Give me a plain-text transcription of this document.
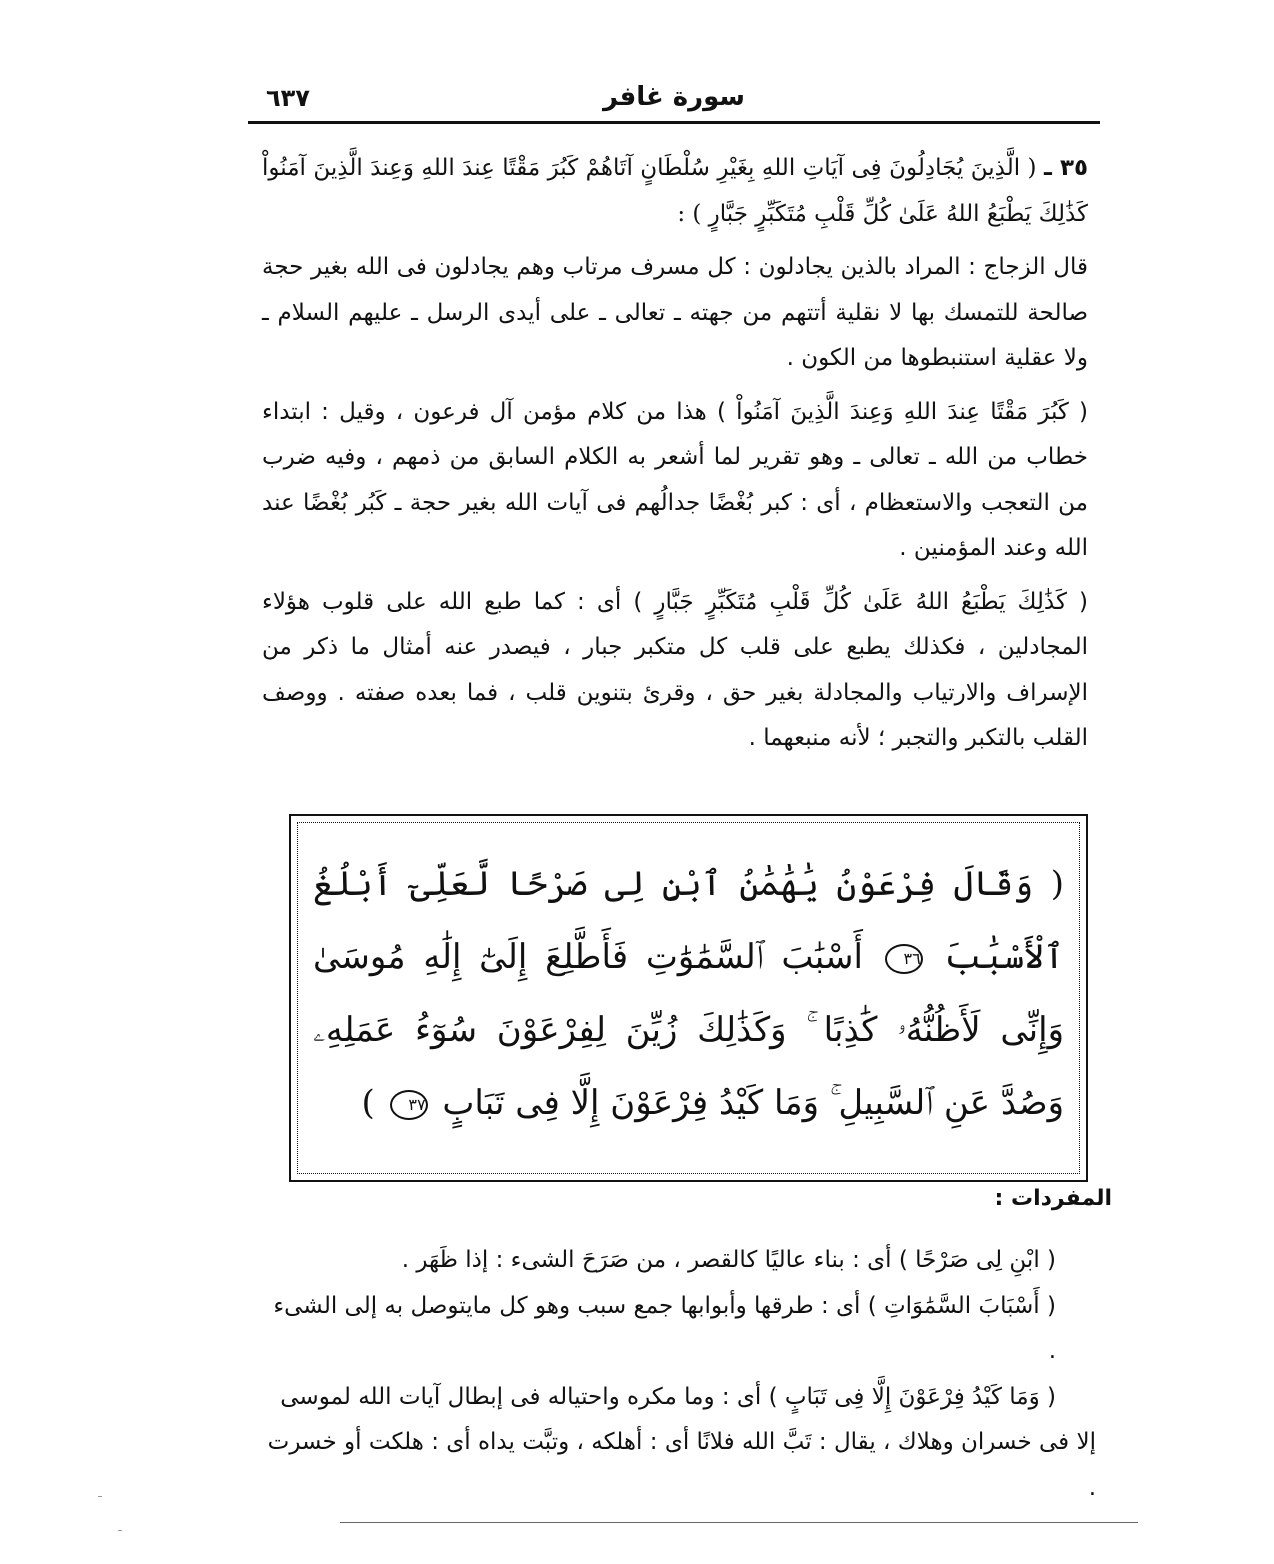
سورة غافر
٦٣٧

٣٥ ـ ( الَّذِينَ يُجَادِلُونَ فِى آيَاتِ اللهِ بِغَيْرِ سُلْطَانٍ آتَاهُمْ كَبُرَ مَقْتًا عِندَ اللهِ وَعِندَ الَّذِينَ آمَنُواْ كَذَٰلِكَ يَطْبَعُ اللهُ عَلَىٰ كُلِّ قَلْبِ مُتَكَبِّرٍ جَبَّارٍ ) :

قال الزجاج : المراد بالذين يجادلون : كل مسرف مرتاب وهم يجادلون فى الله بغير حجة صالحة للتمسك بها لا نقلية أتتهم من جهته ـ تعالى ـ على أيدى الرسل ـ عليهم السلام ـ ولا عقلية استنبطوها من الكون .

( كَبُرَ مَقْتًا عِندَ اللهِ وَعِندَ الَّذِينَ آمَنُواْ ) هذا من كلام مؤمن آل فرعون ، وقيل : ابتداء خطاب من الله ـ تعالى ـ وهو تقرير لما أشعر به الكلام السابق من ذمهم ، وفيه ضرب من التعجب والاستعظام ، أى : كبر بُغْضًا جدالُهم فى آيات الله بغير حجة ـ كَبُر بُغْضًا عند الله وعند المؤمنين .

( كَذَٰلِكَ يَطْبَعُ اللهُ عَلَىٰ كُلِّ قَلْبِ مُتَكَبِّرٍ جَبَّارٍ ) أى : كما طبع الله على قلوب هؤلاء المجادلين ، فكذلك يطبع على قلب كل متكبر جبار ، فيصدر عنه أمثال ما ذكر من الإسراف والارتياب والمجادلة بغير حق ، وقرئ بتنوين قلب ، فما بعده صفته . ووصف القلب بالتكبر والتجبر ؛ لأنه منبعهما .

( وَقَالَ فِرْعَوْنُ يَٰهَٰمَٰنُ ٱبْنِ لِى صَرْحًا لَّعَلِّىٓ أَبْلُغُ ٱلْأَسْبَٰبَ ٣٦ أَسْبَٰبَ ٱلسَّمَٰوَٰتِ فَأَطَّلِعَ إِلَىٰٓ إِلَٰهِ مُوسَىٰ وَإِنِّى لَأَظُنُّهُۥ كَٰذِبًا ۚ وَكَذَٰلِكَ زُيِّنَ لِفِرْعَوْنَ سُوٓءُ عَمَلِهِۦ وَصُدَّ عَنِ ٱلسَّبِيلِ ۚ وَمَا كَيْدُ فِرْعَوْنَ إِلَّا فِى تَبَابٍ ٣٧ )
المفردات :

( ابْنِ لِى صَرْحًا ) أى : بناء عاليًا كالقصر ، من صَرَحَ الشىء : إذا ظَهَر .

( أَسْبَابَ السَّمَٰوَاتِ ) أى : طرقها وأبوابها جمع سبب وهو كل مايتوصل به إلى الشىء .

( وَمَا كَيْدُ فِرْعَوْنَ إِلَّا فِى تَبَابٍ ) أى : وما مكره واحتياله فى إبطال آيات الله لموسى

إلا فى خسران وهلاك ، يقال : تَبَّ الله فلانًا أى : أهلكه ، وتبَّت يداه أى : هلكت أو خسرت .
